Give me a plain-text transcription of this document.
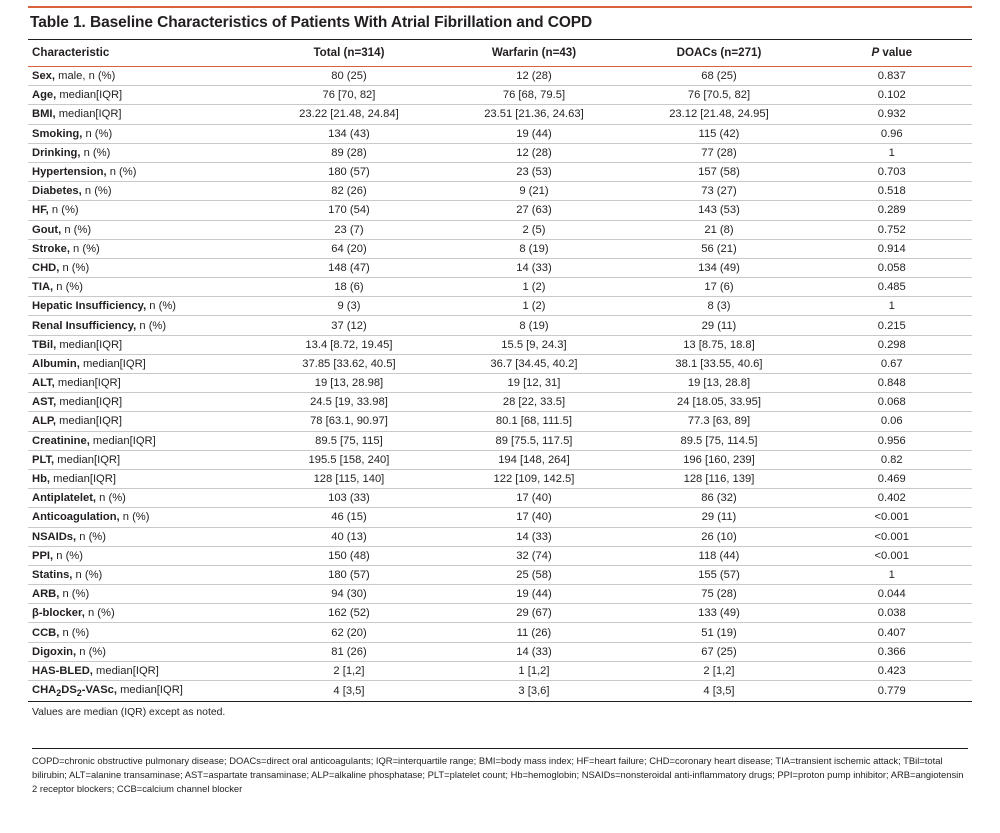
Table 1. Baseline Characteristics of Patients With Atrial Fibrillation and COPD
Characteristic	Total (n=314)	Warfarin (n=43)	DOACs (n=271)	P value
Sex, male, n (%)	80 (25)	12 (28)	68 (25)	0.837
Age, median[IQR]	76 [70, 82]	76 [68, 79.5]	76 [70.5, 82]	0.102
BMI, median[IQR]	23.22 [21.48, 24.84]	23.51 [21.36, 24.63]	23.12 [21.48, 24.95]	0.932
Smoking, n (%)	134 (43)	19 (44)	115 (42)	0.96
Drinking, n (%)	89 (28)	12 (28)	77 (28)	1
Hypertension, n (%)	180 (57)	23 (53)	157 (58)	0.703
Diabetes, n (%)	82 (26)	9 (21)	73 (27)	0.518
HF, n (%)	170 (54)	27 (63)	143 (53)	0.289
Gout, n (%)	23 (7)	2 (5)	21 (8)	0.752
Stroke, n (%)	64 (20)	8 (19)	56 (21)	0.914
CHD, n (%)	148 (47)	14 (33)	134 (49)	0.058
TIA, n (%)	18 (6)	1 (2)	17 (6)	0.485
Hepatic Insufficiency, n (%)	9 (3)	1 (2)	8 (3)	1
Renal Insufficiency, n (%)	37 (12)	8 (19)	29 (11)	0.215
TBil, median[IQR]	13.4 [8.72, 19.45]	15.5 [9, 24.3]	13 [8.75, 18.8]	0.298
Albumin, median[IQR]	37.85 [33.62, 40.5]	36.7 [34.45, 40.2]	38.1 [33.55, 40.6]	0.67
ALT, median[IQR]	19 [13, 28.98]	19 [12, 31]	19 [13, 28.8]	0.848
AST, median[IQR]	24.5 [19, 33.98]	28 [22, 33.5]	24 [18.05, 33.95]	0.068
ALP, median[IQR]	78 [63.1, 90.97]	80.1 [68, 111.5]	77.3 [63, 89]	0.06
Creatinine, median[IQR]	89.5 [75, 115]	89 [75.5, 117.5]	89.5 [75, 114.5]	0.956
PLT, median[IQR]	195.5 [158, 240]	194 [148, 264]	196 [160, 239]	0.82
Hb, median[IQR]	128 [115, 140]	122 [109, 142.5]	128 [116, 139]	0.469
Antiplatelet, n (%)	103 (33)	17 (40)	86 (32)	0.402
Anticoagulation, n (%)	46 (15)	17 (40)	29 (11)	<0.001
NSAIDs, n (%)	40 (13)	14 (33)	26 (10)	<0.001
PPI, n (%)	150 (48)	32 (74)	118 (44)	<0.001
Statins, n (%)	180 (57)	25 (58)	155 (57)	1
ARB, n (%)	94 (30)	19 (44)	75 (28)	0.044
β-blocker, n (%)	162 (52)	29 (67)	133 (49)	0.038
CCB, n (%)	62 (20)	11 (26)	51 (19)	0.407
Digoxin, n (%)	81 (26)	14 (33)	67 (25)	0.366
HAS-BLED, median[IQR]	2 [1,2]	1 [1,2]	2 [1,2]	0.423
$CHA_2DS_2$-VASc, median[IQR]	4 [3,5]	3 [3,6]	4 [3,5]	0.779
Values are median (IQR) except as noted.
COPD=chronic obstructive pulmonary disease; DOACs=direct oral anticoagulants; IQR=interquartile range; BMI=body mass index; HF=heart failure; CHD=coronary heart disease; TIA=transient ischemic attack; TBil=total bilirubin; ALT=alanine transaminase; AST=aspartate transaminase; ALP=alkaline phosphatase; PLT=platelet count; Hb=hemoglobin; NSAIDs=nonsteroidal anti-inflammatory drugs; PPI=proton pump inhibitor; ARB=angiotensin 2 receptor blockers; CCB=calcium channel blocker
